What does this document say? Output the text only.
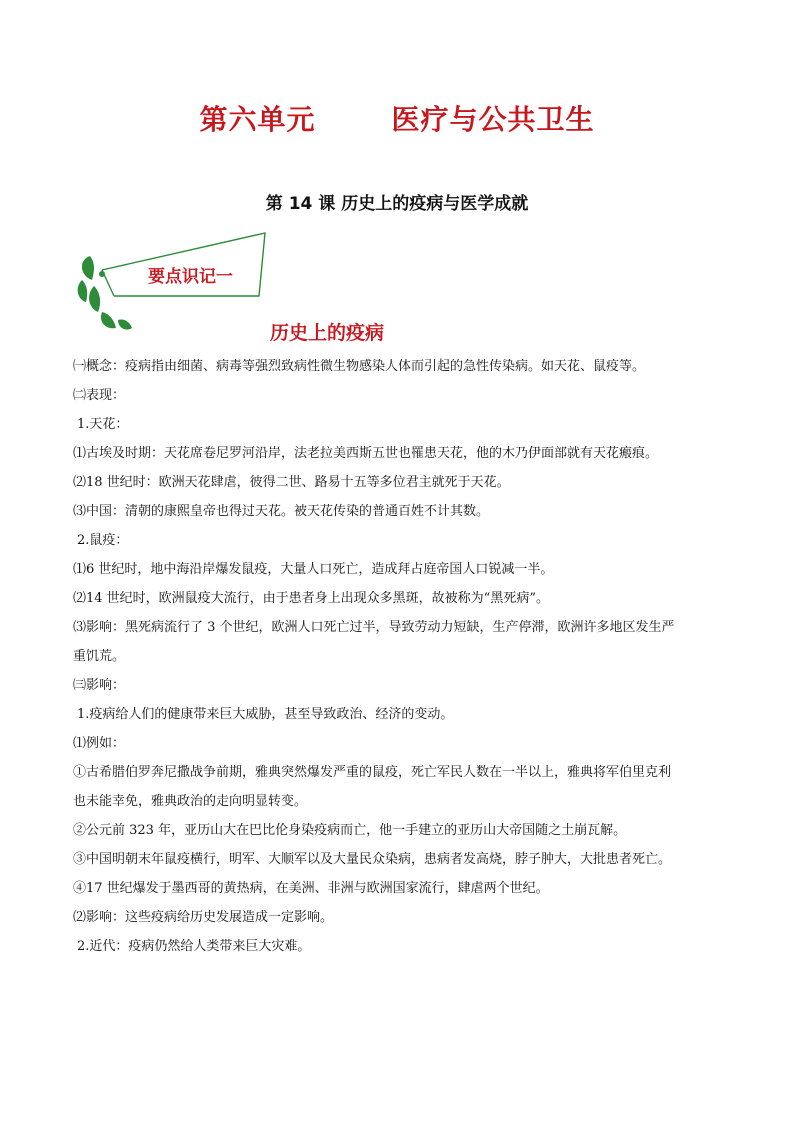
第六单元	医疗与公共卫生
第 14 课 历史上的疫病与医学成就
要点识记一
历史上的疫病

㈠概念：疫病指由细菌、病毒等强烈致病性微生物感染人体而引起的急性传染病。如天花、鼠疫等。

㈡表现：

1.天花：

⑴古埃及时期：天花席卷尼罗河沿岸，法老拉美西斯五世也罹患天花，他的木乃伊面部就有天花瘢痕。

⑵18 世纪时：欧洲天花肆虐，彼得二世、路易十五等多位君主就死于天花。

⑶中国：清朝的康熙皇帝也得过天花。被天花传染的普通百姓不计其数。

2.鼠疫：

⑴6 世纪时，地中海沿岸爆发鼠疫，大量人口死亡，造成拜占庭帝国人口锐减一半。

⑵14 世纪时，欧洲鼠疫大流行，由于患者身上出现众多黑斑，故被称为“黑死病”。

⑶影响：黑死病流行了 3 个世纪，欧洲人口死亡过半，导致劳动力短缺，生产停滞，欧洲许多地区发生严

重饥荒。

㈢影响：

1.疫病给人们的健康带来巨大威胁，甚至导致政治、经济的变动。

⑴例如：

①古希腊伯罗奔尼撒战争前期，雅典突然爆发严重的鼠疫，死亡军民人数在一半以上，雅典将军伯里克利

也未能幸免，雅典政治的走向明显转变。

②公元前 323 年，亚历山大在巴比伦身染疫病而亡，他一手建立的亚历山大帝国随之土崩瓦解。

③中国明朝末年鼠疫横行，明军、大顺军以及大量民众染病，患病者发高烧，脖子肿大，大批患者死亡。

④17 世纪爆发于墨西哥的黄热病，在美洲、非洲与欧洲国家流行，肆虐两个世纪。

⑵影响：这些疫病给历史发展造成一定影响。

2.近代：疫病仍然给人类带来巨大灾难。
